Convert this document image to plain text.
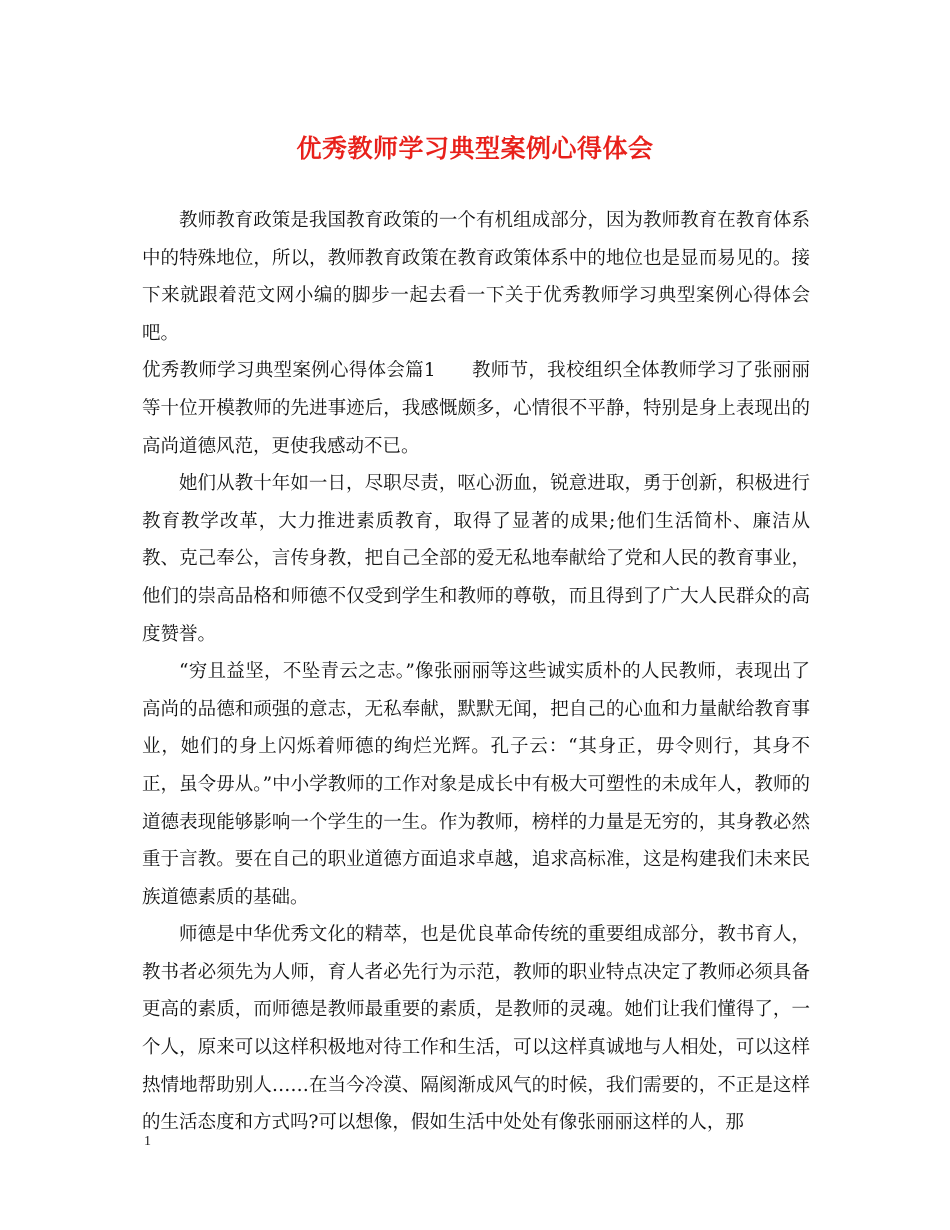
优秀教师学习典型案例心得体会

教师教育政策是我国教育政策的一个有机组成部分，因为教师教育在教育体系中的特殊地位，所以，教师教育政策在教育政策体系中的地位也是显而易见的。接下来就跟着范文网小编的脚步一起去看一下关于优秀教师学习典型案例心得体会吧。

优秀教师学习典型案例心得体会篇1 教师节，我校组织全体教师学习了张丽丽等十位开模教师的先进事迹后，我感慨颇多，心情很不平静，特别是身上表现出的高尚道德风范，更使我感动不已。

她们从教十年如一日，尽职尽责，呕心沥血，锐意进取，勇于创新，积极进行教育教学改革，大力推进素质教育，取得了显著的成果;他们生活简朴、廉洁从教、克己奉公，言传身教，把自己全部的爱无私地奉献给了党和人民的教育事业，他们的崇高品格和师德不仅受到学生和教师的尊敬，而且得到了广大人民群众的高度赞誉。

“穷且益坚，不坠青云之志。”像张丽丽等这些诚实质朴的人民教师，表现出了高尚的品德和顽强的意志，无私奉献，默默无闻，把自己的心血和力量献给教育事业，她们的身上闪烁着师德的绚烂光辉。孔子云：“其身正，毋令则行，其身不正，虽令毋从。”中小学教师的工作对象是成长中有极大可塑性的未成年人，教师的道德表现能够影响一个学生的一生。作为教师，榜样的力量是无穷的，其身教必然重于言教。要在自己的职业道德方面追求卓越，追求高标准，这是构建我们未来民族道德素质的基础。

师德是中华优秀文化的精萃，也是优良革命传统的重要组成部分，教书育人，教书者必须先为人师，育人者必先行为示范，教师的职业特点决定了教师必须具备更高的素质，而师德是教师最重要的素质，是教师的灵魂。她们让我们懂得了，一个人，原来可以这样积极地对待工作和生活，可以这样真诚地与人相处，可以这样热情地帮助别人……在当今冷漠、隔阂渐成风气的时候，我们需要的，不正是这样的生活态度和方式吗?可以想像，假如生活中处处有像张丽丽这样的人，那

1
